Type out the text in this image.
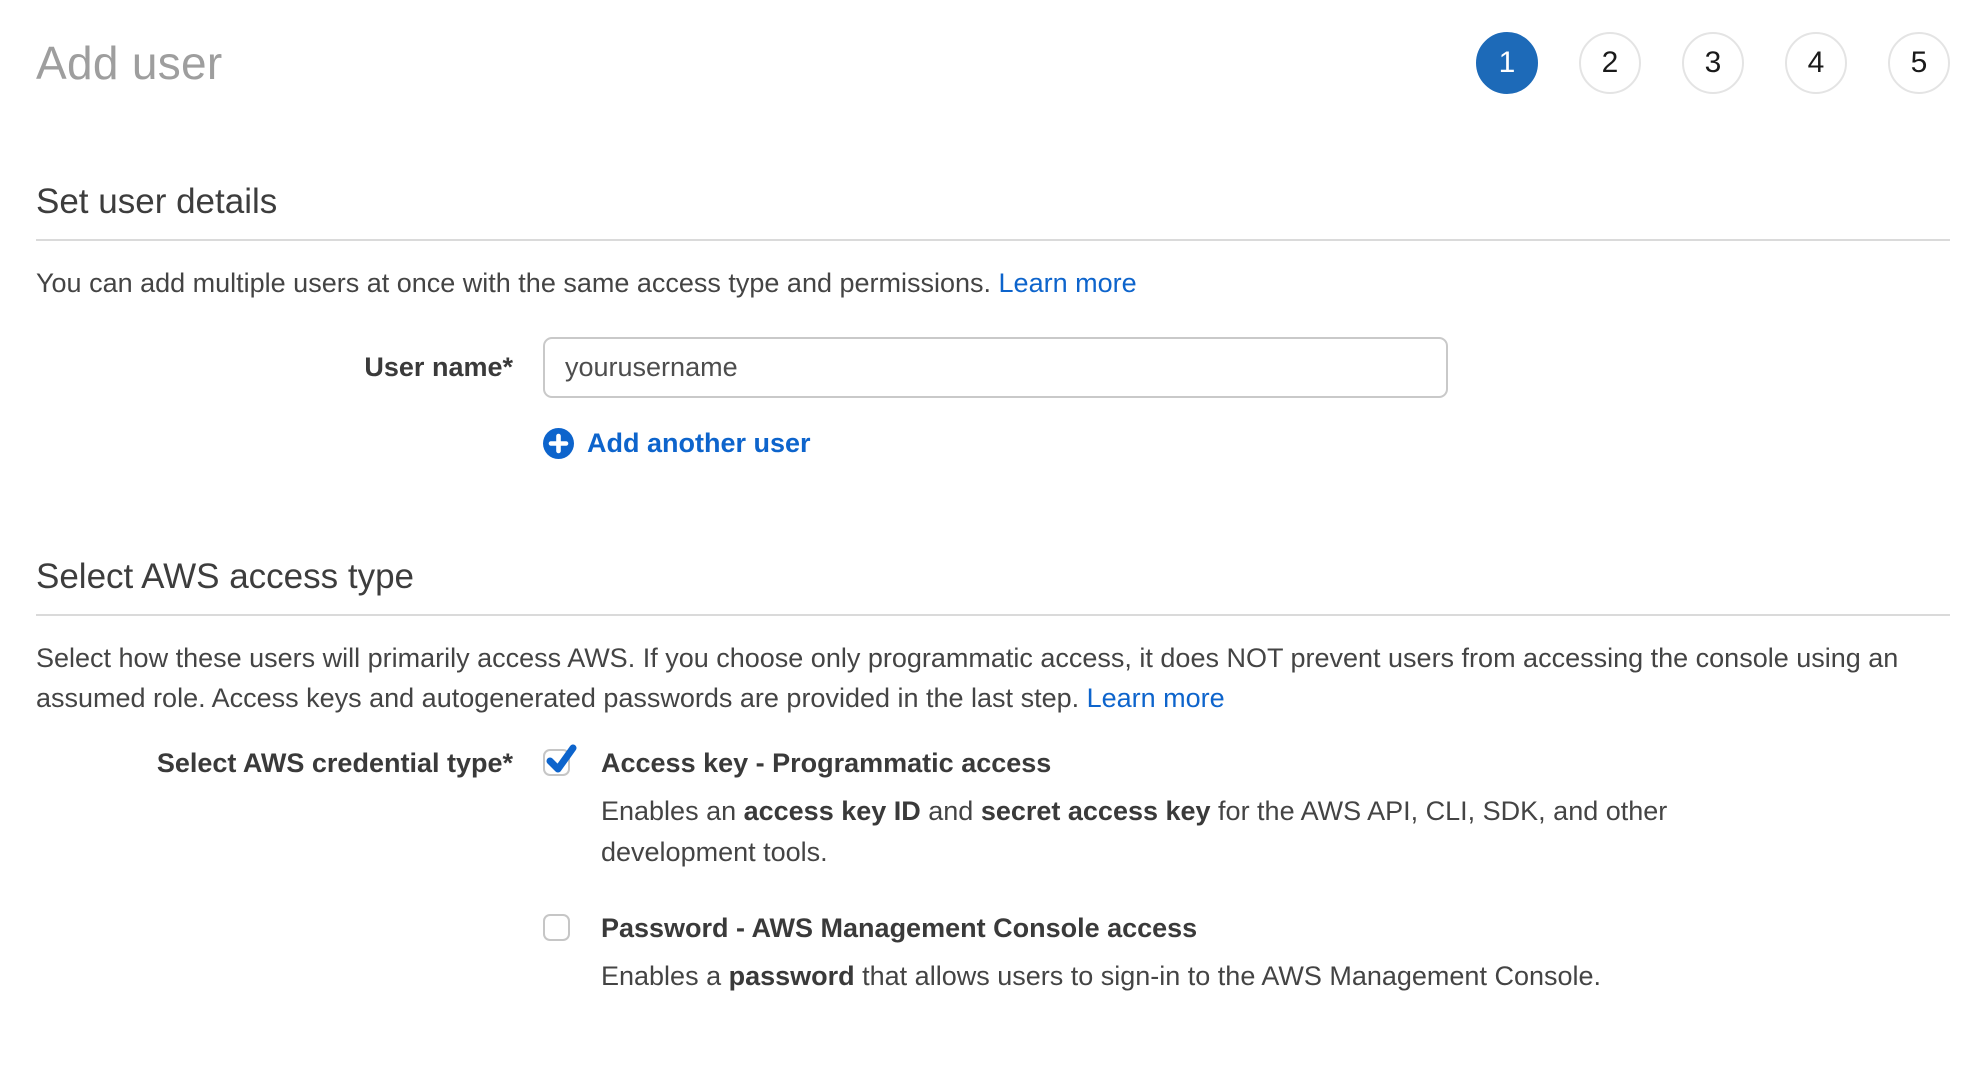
Add user	1	2	3	4	5
Set user details

You can add multiple users at once with the same access type and permissions. Learn more

User name*
yourusername
Add another user
Select AWS access type

Select how these users will primarily access AWS. If you choose only programmatic access, it does NOT prevent users from accessing the console using an assumed role. Access keys and autogenerated passwords are provided in the last step. Learn more

Select AWS credential type*	Access key - Programmatic access
Enables an access key ID and secret access key for the AWS API, CLI, SDK, and other development tools.
Password - AWS Management Console access
Enables a password that allows users to sign-in to the AWS Management Console.
